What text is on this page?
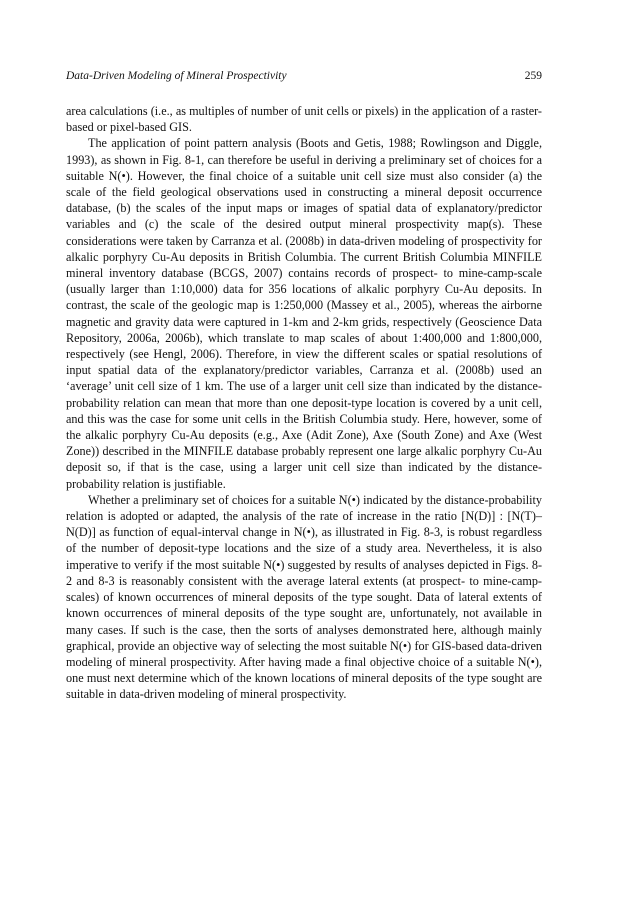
Data-Driven Modeling of Mineral Prospectivity	259

area calculations (i.e., as multiples of number of unit cells or pixels) in the application of a raster-based or pixel-based GIS.

The application of point pattern analysis (Boots and Getis, 1988; Rowlingson and Diggle, 1993), as shown in Fig. 8-1, can therefore be useful in deriving a preliminary set of choices for a suitable N(•). However, the final choice of a suitable unit cell size must also consider (a) the scale of the field geological observations used in constructing a mineral deposit occurrence database, (b) the scales of the input maps or images of spatial data of explanatory/predictor variables and (c) the scale of the desired output mineral prospectivity map(s). These considerations were taken by Carranza et al. (2008b) in data-driven modeling of prospectivity for alkalic porphyry Cu-Au deposits in British Columbia. The current British Columbia MINFILE mineral inventory database (BCGS, 2007) contains records of prospect- to mine-camp-scale (usually larger than 1:10,000) data for 356 locations of alkalic porphyry Cu-Au deposits. In contrast, the scale of the geologic map is 1:250,000 (Massey et al., 2005), whereas the airborne magnetic and gravity data were captured in 1-km and 2-km grids, respectively (Geoscience Data Repository, 2006a, 2006b), which translate to map scales of about 1:400,000 and 1:800,000, respectively (see Hengl, 2006). Therefore, in view the different scales or spatial resolutions of input spatial data of the explanatory/predictor variables, Carranza et al. (2008b) used an ‘average’ unit cell size of 1 km. The use of a larger unit cell size than indicated by the distance-probability relation can mean that more than one deposit-type location is covered by a unit cell, and this was the case for some unit cells in the British Columbia study. Here, however, some of the alkalic porphyry Cu-Au deposits (e.g., Axe (Adit Zone), Axe (South Zone) and Axe (West Zone)) described in the MINFILE database probably represent one large alkalic porphyry Cu-Au deposit so, if that is the case, using a larger unit cell size than indicated by the distance-probability relation is justifiable.

Whether a preliminary set of choices for a suitable N(•) indicated by the distance-probability relation is adopted or adapted, the analysis of the rate of increase in the ratio [N(D)] : [N(T)–N(D)] as function of equal-interval change in N(•), as illustrated in Fig. 8-3, is robust regardless of the number of deposit-type locations and the size of a study area. Nevertheless, it is also imperative to verify if the most suitable N(•) suggested by results of analyses depicted in Figs. 8-2 and 8-3 is reasonably consistent with the average lateral extents (at prospect- to mine-camp-scales) of known occurrences of mineral deposits of the type sought. Data of lateral extents of known occurrences of mineral deposits of the type sought are, unfortunately, not available in many cases. If such is the case, then the sorts of analyses demonstrated here, although mainly graphical, provide an objective way of selecting the most suitable N(•) for GIS-based data-driven modeling of mineral prospectivity. After having made a final objective choice of a suitable N(•), one must next determine which of the known locations of mineral deposits of the type sought are suitable in data-driven modeling of mineral prospectivity.
